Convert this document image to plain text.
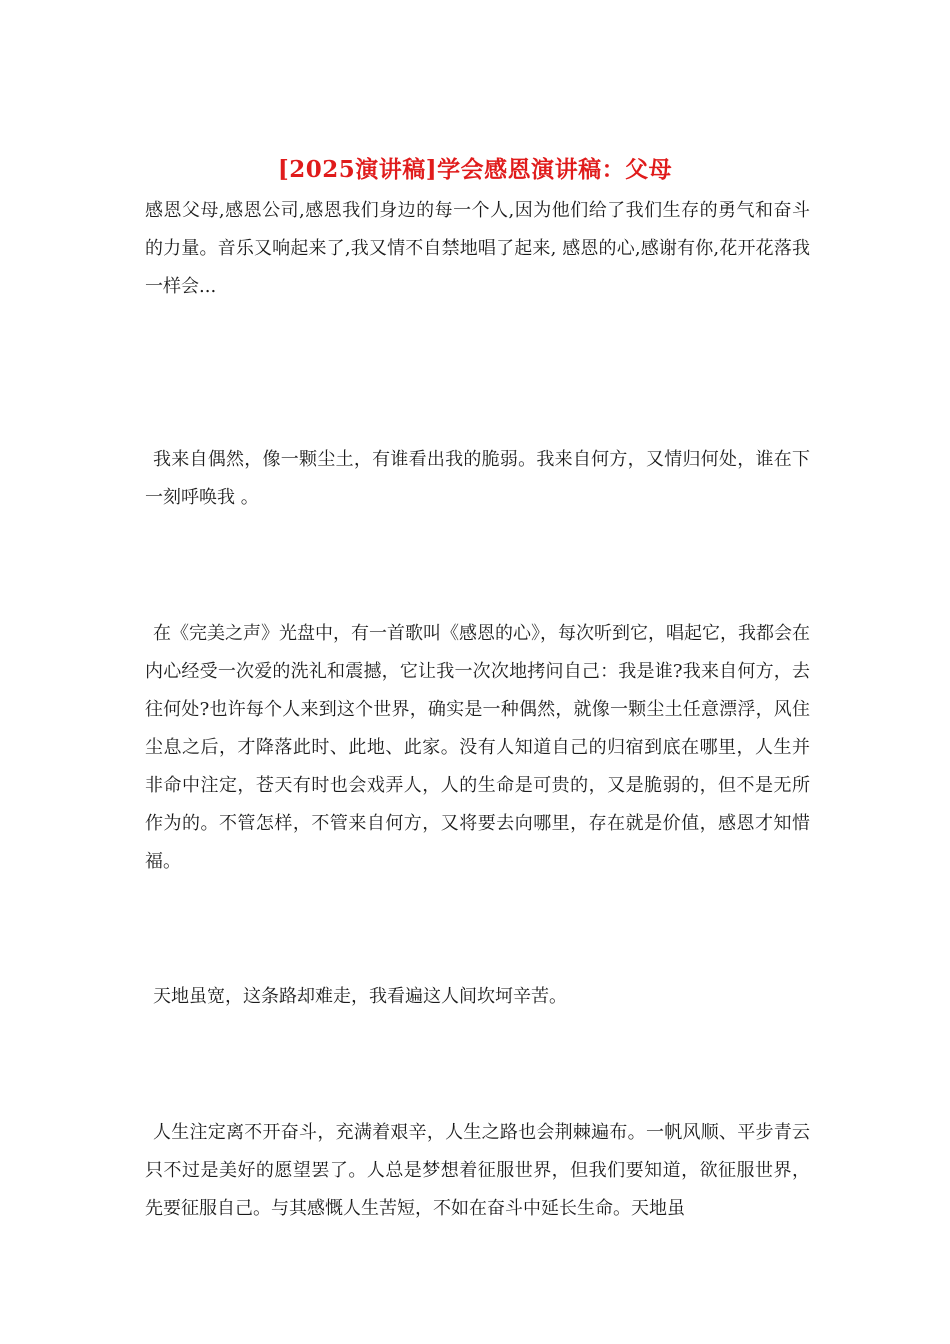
[2025演讲稿]学会感恩演讲稿：父母

感恩父母,感恩公司,感恩我们身边的每一个人,因为他们给了我们生存的勇气和奋斗的力量。音乐又响起来了,我又情不自禁地唱了起来, 感恩的心,感谢有你,花开花落我一样会...

我来自偶然，像一颗尘土，有谁看出我的脆弱。我来自何方，又情归何处，谁在下一刻呼唤我 。

在《完美之声》光盘中，有一首歌叫《感恩的心》，每次听到它，唱起它，我都会在内心经受一次爱的洗礼和震撼，它让我一次次地拷问自己：我是谁?我来自何方，去往何处?也许每个人来到这个世界，确实是一种偶然，就像一颗尘土任意漂浮，风住尘息之后，才降落此时、此地、此家。没有人知道自己的归宿到底在哪里，人生并非命中注定，苍天有时也会戏弄人，人的生命是可贵的，又是脆弱的，但不是无所作为的。不管怎样，不管来自何方，又将要去向哪里，存在就是价值，感恩才知惜福。

天地虽宽，这条路却难走，我看遍这人间坎坷辛苦。

人生注定离不开奋斗，充满着艰辛，人生之路也会荆棘遍布。一帆风顺、平步青云只不过是美好的愿望罢了。人总是梦想着征服世界，但我们要知道，欲征服世界，先要征服自己。与其感慨人生苦短，不如在奋斗中延长生命。天地虽
